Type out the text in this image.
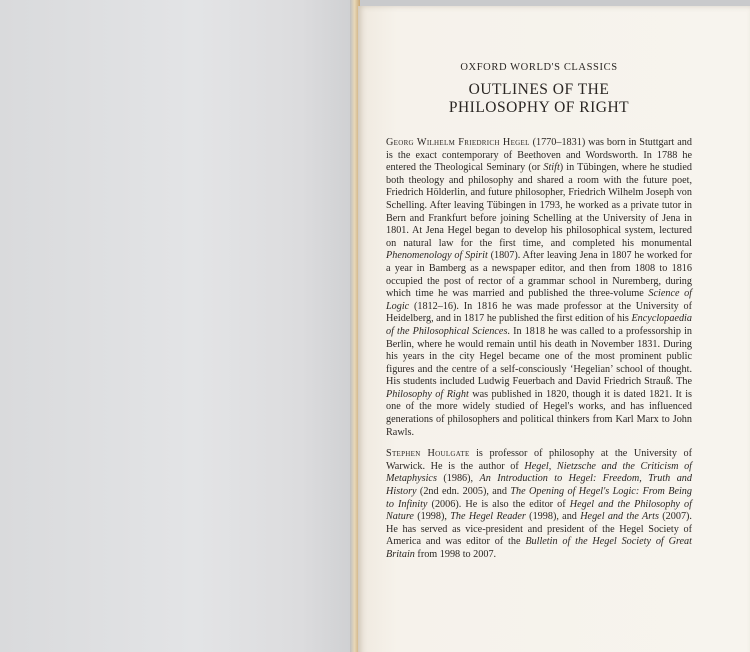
OXFORD WORLD'S CLASSICS
OUTLINES OF THE
PHILOSOPHY OF RIGHT

Georg Wilhelm Friedrich Hegel (1770–1831) was born in Stuttgart and is the exact contemporary of Beethoven and Wordsworth. In 1788 he entered the Theological Seminary (or Stift) in Tübingen, where he studied both theology and philosophy and shared a room with the future poet, Friedrich Hölderlin, and future philosopher, Friedrich Wilhelm Joseph von Schelling. After leaving Tübingen in 1793, he worked as a private tutor in Bern and Frankfurt before joining Schelling at the University of Jena in 1801. At Jena Hegel began to develop his philosophical system, lectured on natural law for the first time, and completed his monumental Phenomenology of Spirit (1807). After leaving Jena in 1807 he worked for a year in Bamberg as a newspaper editor, and then from 1808 to 1816 occupied the post of rector of a grammar school in Nuremberg, during which time he was married and published the three-volume Science of Logic (1812–16). In 1816 he was made professor at the University of Heidelberg, and in 1817 he published the first edition of his Encyclopaedia of the Philosophical Sciences. In 1818 he was called to a professorship in Berlin, where he would remain until his death in November 1831. During his years in the city Hegel became one of the most prominent public figures and the centre of a self-consciously ‘Hegelian’ school of thought. His students included Ludwig Feuerbach and David Friedrich Strauß. The Philosophy of Right was published in 1820, though it is dated 1821. It is one of the more widely studied of Hegel's works, and has influenced generations of philosophers and political thinkers from Karl Marx to John Rawls.

Stephen Houlgate is professor of philosophy at the University of Warwick. He is the author of Hegel, Nietzsche and the Criticism of Metaphysics (1986), An Introduction to Hegel: Freedom, Truth and History (2nd edn. 2005), and The Opening of Hegel's Logic: From Being to Infinity (2006). He is also the editor of Hegel and the Philosophy of Nature (1998), The Hegel Reader (1998), and Hegel and the Arts (2007). He has served as vice-president and president of the Hegel Society of America and was editor of the Bulletin of the Hegel Society of Great Britain from 1998 to 2007.
